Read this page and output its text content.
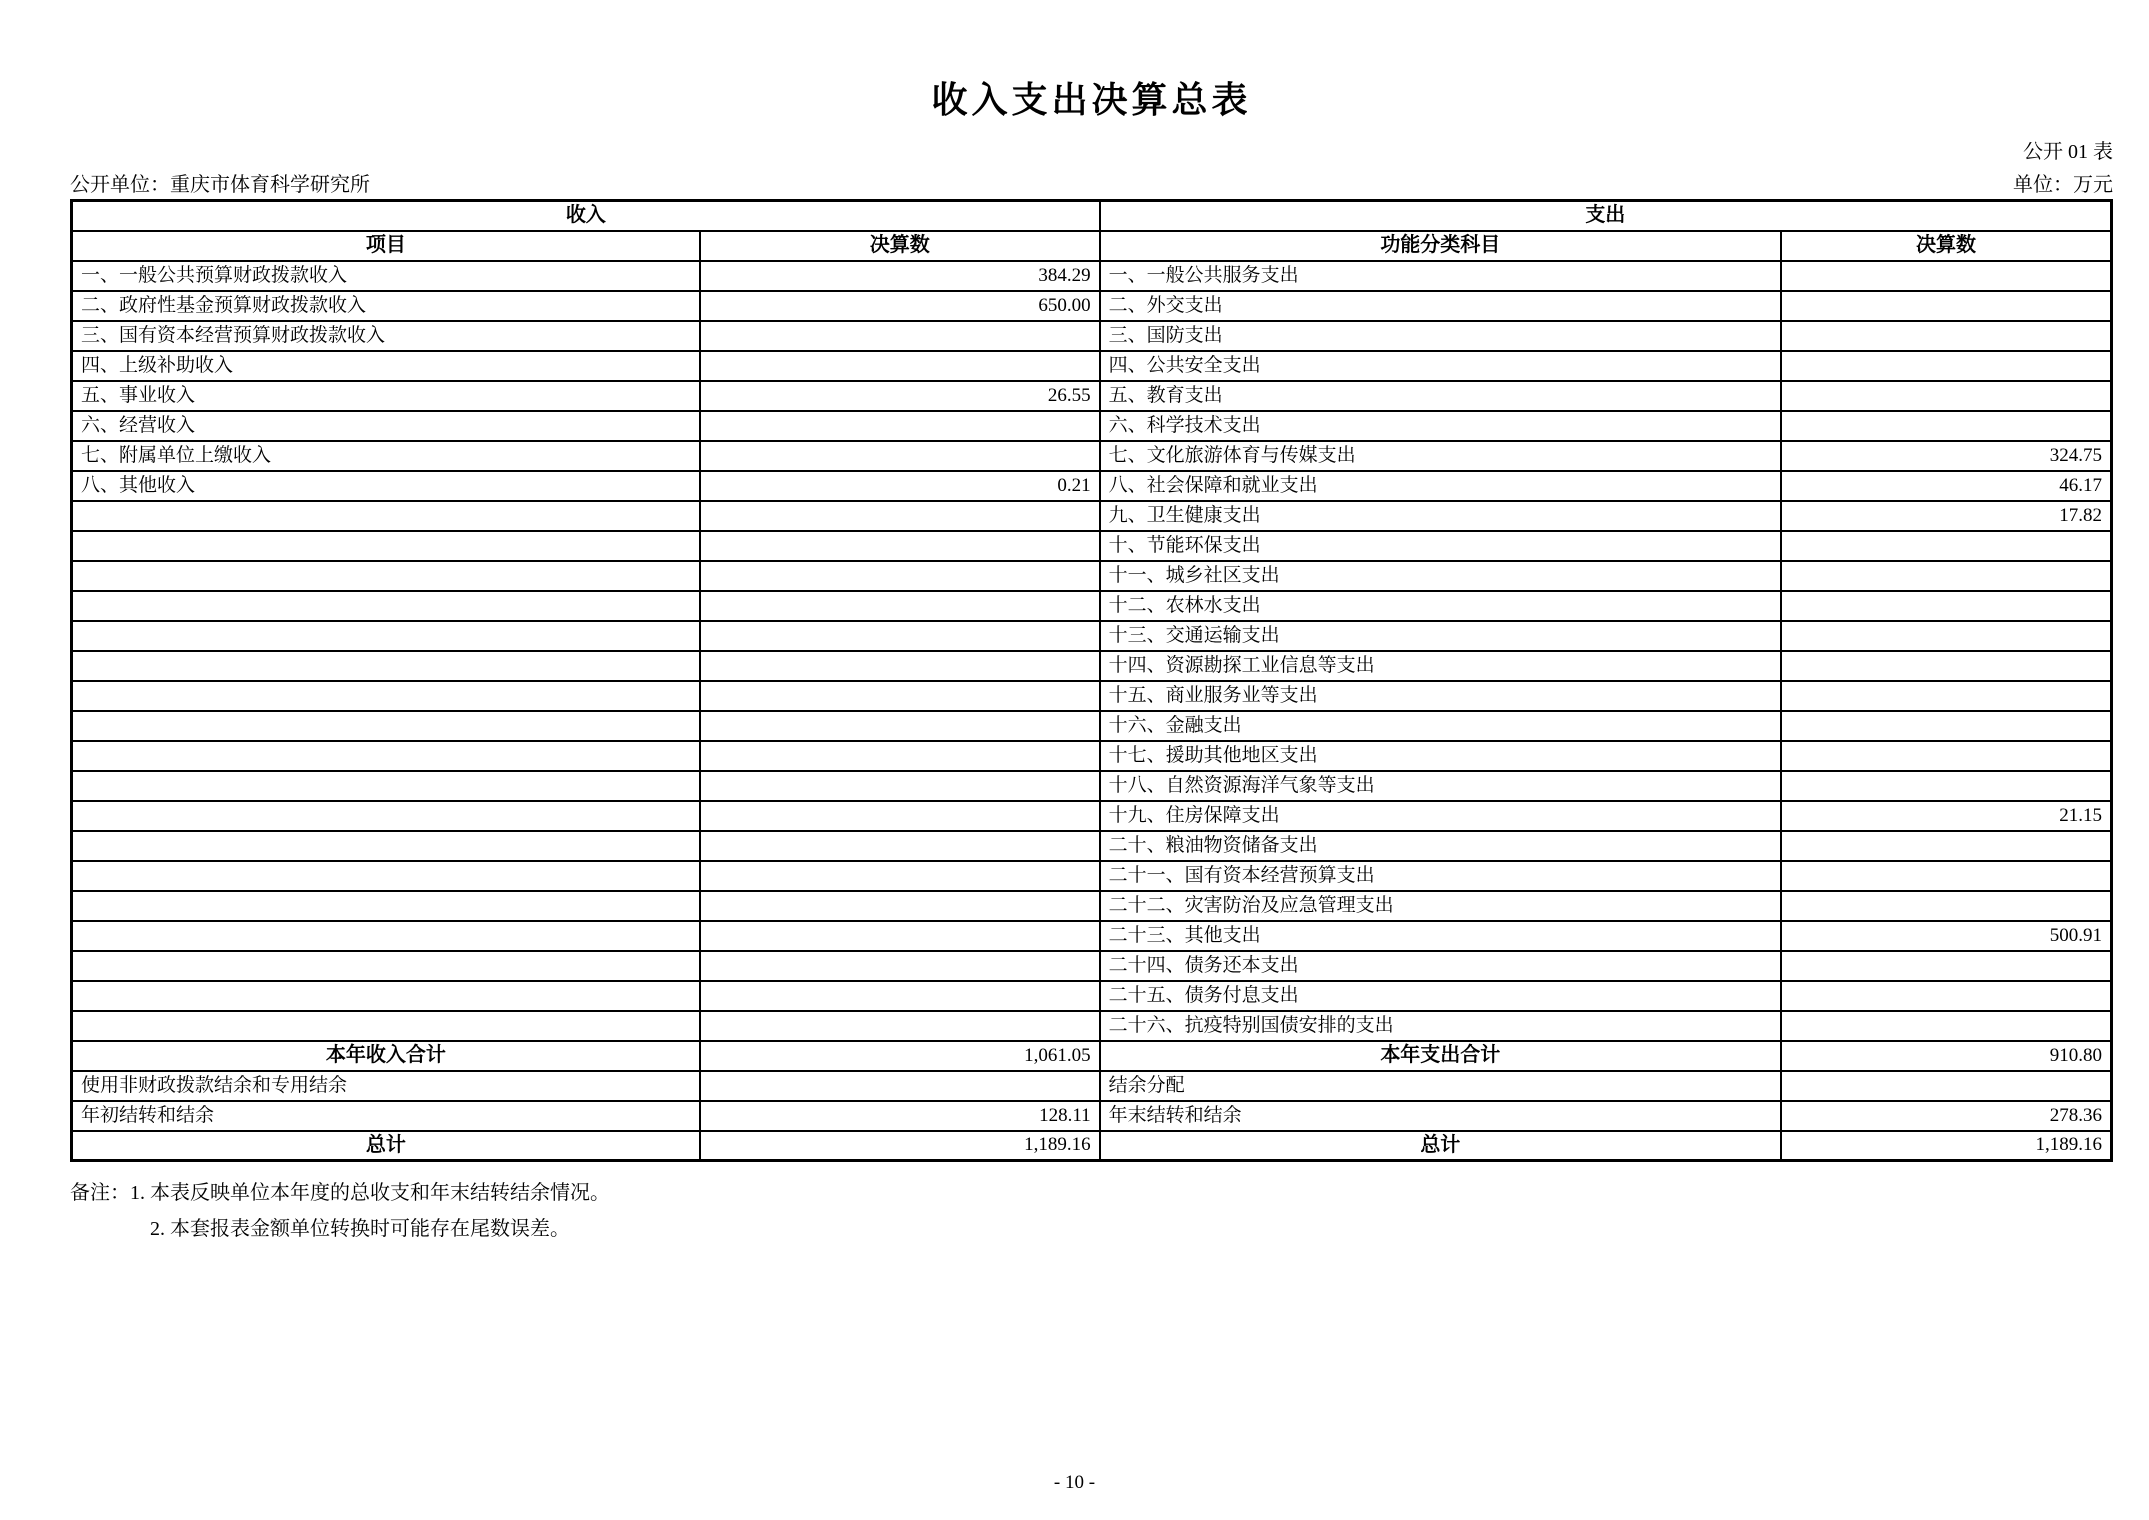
收入支出决算总表
公开 01 表
公开单位：重庆市体育科学研究所	单位：万元
收入		支出	
项目	决算数	功能分类科目	决算数
一、一般公共预算财政拨款收入	384.29	一、一般公共服务支出	
二、政府性基金预算财政拨款收入	650.00	二、外交支出	
三、国有资本经营预算财政拨款收入		三、国防支出	
四、上级补助收入		四、公共安全支出	
五、事业收入	26.55	五、教育支出	
六、经营收入		六、科学技术支出	
七、附属单位上缴收入		七、文化旅游体育与传媒支出	324.75
八、其他收入	0.21	八、社会保障和就业支出	46.17
		九、卫生健康支出	17.82
		十、节能环保支出	
		十一、城乡社区支出	
		十二、农林水支出	
		十三、交通运输支出	
		十四、资源勘探工业信息等支出	
		十五、商业服务业等支出	
		十六、金融支出	
		十七、援助其他地区支出	
		十八、自然资源海洋气象等支出	
		十九、住房保障支出	21.15
		二十、粮油物资储备支出	
		二十一、国有资本经营预算支出	
		二十二、灾害防治及应急管理支出	
		二十三、其他支出	500.91
		二十四、债务还本支出	
		二十五、债务付息支出	
		二十六、抗疫特别国债安排的支出	
本年收入合计	1,061.05	本年支出合计	910.80
使用非财政拨款结余和专用结余		结余分配	
年初结转和结余	128.11	年末结转和结余	278.36
总计	1,189.16	总计	1,189.16
备注：1. 本表反映单位本年度的总收支和年末结转结余情况。
2. 本套报表金额单位转换时可能存在尾数误差。
- 10 -
